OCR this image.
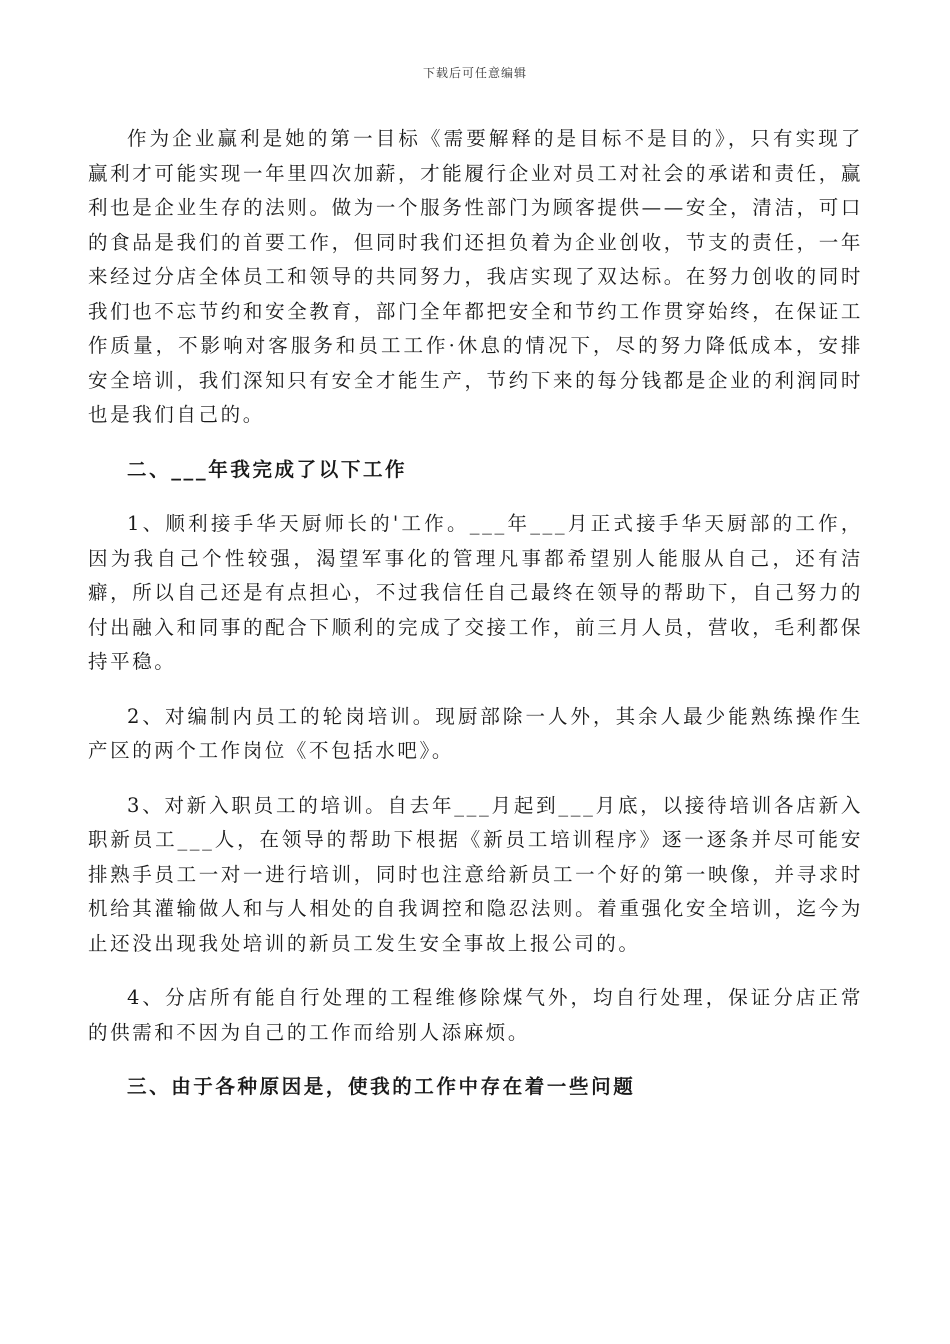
下载后可任意编辑

作为企业赢利是她的第一目标《需要解释的是目标不是目的》，只有实现了赢利才可能实现一年里四次加薪，才能履行企业对员工对社会的承诺和责任，赢利也是企业生存的法则。做为一个服务性部门为顾客提供——安全，清洁，可口的食品是我们的首要工作，但同时我们还担负着为企业创收，节支的责任，一年来经过分店全体员工和领导的共同努力，我店实现了双达标。在努力创收的同时我们也不忘节约和安全教育，部门全年都把安全和节约工作贯穿始终，在保证工作质量，不影响对客服务和员工工作·休息的情况下，尽的努力降低成本，安排安全培训，我们深知只有安全才能生产，节约下来的每分钱都是企业的利润同时也是我们自己的。

二、___年我完成了以下工作

1、顺利接手华天厨师长的'工作。___年___月正式接手华天厨部的工作，因为我自己个性较强，渴望军事化的管理凡事都希望别人能服从自己，还有洁癖，所以自己还是有点担心，不过我信任自己最终在领导的帮助下，自己努力的付出融入和同事的配合下顺利的完成了交接工作，前三月人员，营收，毛利都保持平稳。

2、对编制内员工的轮岗培训。现厨部除一人外，其余人最少能熟练操作生产区的两个工作岗位《不包括水吧》。

3、对新入职员工的培训。自去年___月起到___月底，以接待培训各店新入职新员工___人，在领导的帮助下根据《新员工培训程序》逐一逐条并尽可能安排熟手员工一对一进行培训，同时也注意给新员工一个好的第一映像，并寻求时机给其灌输做人和与人相处的自我调控和隐忍法则。着重强化安全培训，迄今为止还没出现我处培训的新员工发生安全事故上报公司的。

4、分店所有能自行处理的工程维修除煤气外，均自行处理，保证分店正常的供需和不因为自己的工作而给别人添麻烦。

三、由于各种原因是，使我的工作中存在着一些问题
